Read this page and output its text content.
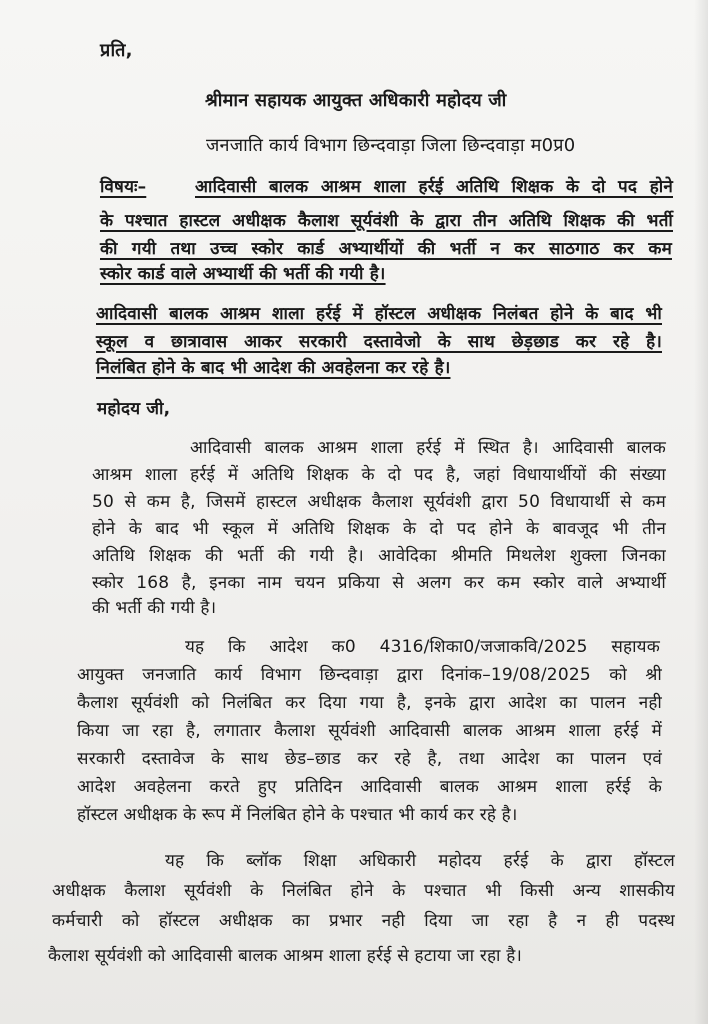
प्रति,
श्रीमान सहायक आयुक्त अधिकारी महोदय जी
जनजाति कार्य विभाग छिन्दवाड़ा जिला छिन्दवाड़ा म0प्र0
विषयः–	आदिवासी बालक आश्रम शाला हर्रई अतिथि शिक्षक के दो पद होने
के पश्चात हास्टल अधीक्षक कैलाश सूर्यवंशी के द्वारा तीन अतिथि शिक्षक की भर्ती
की गयी तथा उच्च स्कोर कार्ड अभ्यार्थीयों की भर्ती न कर साठगाठ कर कम
स्कोर कार्ड वाले अभ्यार्थी की भर्ती की गयी है।
आदिवासी बालक आश्रम शाला हर्रई में हॉस्टल अधीक्षक निलंबत होने के बाद भी
स्कूल व छात्रावास आकर सरकारी दस्तावेजो के साथ छेड़छाड कर रहे है।
निलंबित होने के बाद भी आदेश की अवहेलना कर रहे है।
महोदय जी,
आदिवासी बालक आश्रम शाला हर्रई में स्थित है। आदिवासी बालक
आश्रम शाला हर्रई में अतिथि शिक्षक के दो पद है, जहां विधायार्थीयों की संख्या
50 से कम है, जिसमें हास्टल अधीक्षक कैलाश सूर्यवंशी द्वारा 50 विधायार्थी से कम
होने के बाद भी स्कूल में अतिथि शिक्षक के दो पद होने के बावजूद भी तीन
अतिथि शिक्षक की भर्ती की गयी है। आवेदिका श्रीमति मिथलेश शुक्ला जिनका
स्कोर 168 है, इनका नाम चयन प्रकिया से अलग कर कम स्कोर वाले अभ्यार्थी
की भर्ती की गयी है।
यह कि आदेश क0 4316/शिका0/जजाकवि/2025 सहायक
आयुक्त जनजाति कार्य विभाग छिन्दवाड़ा द्वारा दिनांक–19/08/2025 को श्री
कैलाश सूर्यवंशी को निलंबित कर दिया गया है, इनके द्वारा आदेश का पालन नही
किया जा रहा है, लगातार कैलाश सूर्यवंशी आदिवासी बालक आश्रम शाला हर्रई में
सरकारी दस्तावेज के साथ छेड–छाड कर रहे है, तथा आदेश का पालन एवं
आदेश अवहेलना करते हुए प्रतिदिन आदिवासी बालक आश्रम शाला हर्रई के
हॉस्टल अधीक्षक के रूप में निलंबित होने के पश्चात भी कार्य कर रहे है।
यह कि ब्लॉक शिक्षा अधिकारी महोदय हर्रई के द्वारा हॉस्टल
अधीक्षक कैलाश सूर्यवंशी के निलंबित होने के पश्चात भी किसी अन्य शासकीय
कर्मचारी को हॉस्टल अधीक्षक का प्रभार नही दिया जा रहा है न ही पदस्थ
कैलाश सूर्यवंशी को आदिवासी बालक आश्रम शाला हर्रई से हटाया जा रहा है।
